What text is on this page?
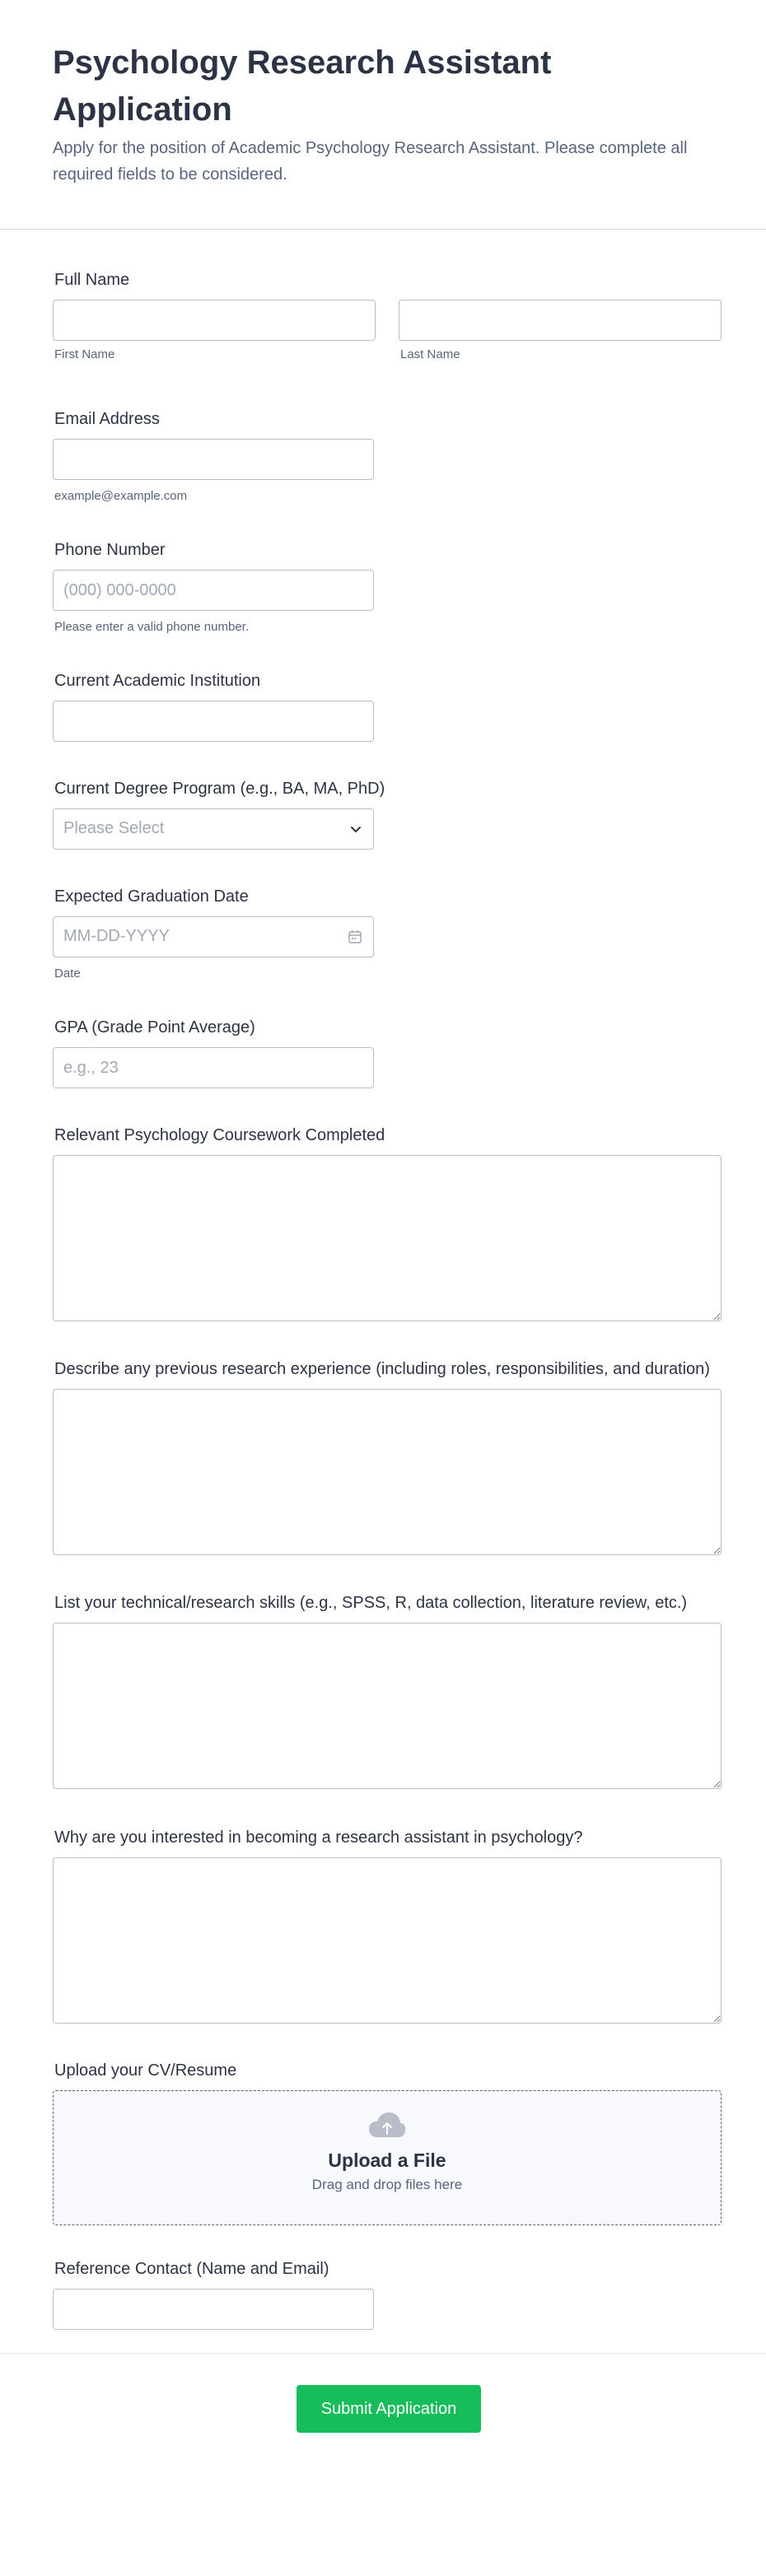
Psychology Research Assistant Application

Apply for the position of Academic Psychology Research Assistant. Please complete all required fields to be considered.

Full Name
First Name	Last Name
Email Address
example@example.com
Phone Number
(000) 000-0000
Please enter a valid phone number.
Current Academic Institution
Current Degree Program (e.g., BA, MA, PhD)
Please Select
Expected Graduation Date
MM-DD-YYYY
Date
GPA (Grade Point Average)
e.g., 23
Relevant Psychology Coursework Completed
Describe any previous research experience (including roles, responsibilities, and duration)
List your technical/research skills (e.g., SPSS, R, data collection, literature review, etc.)
Why are you interested in becoming a research assistant in psychology?
Upload your CV/Resume
Upload a File
Drag and drop files here
Reference Contact (Name and Email)
Submit Application
